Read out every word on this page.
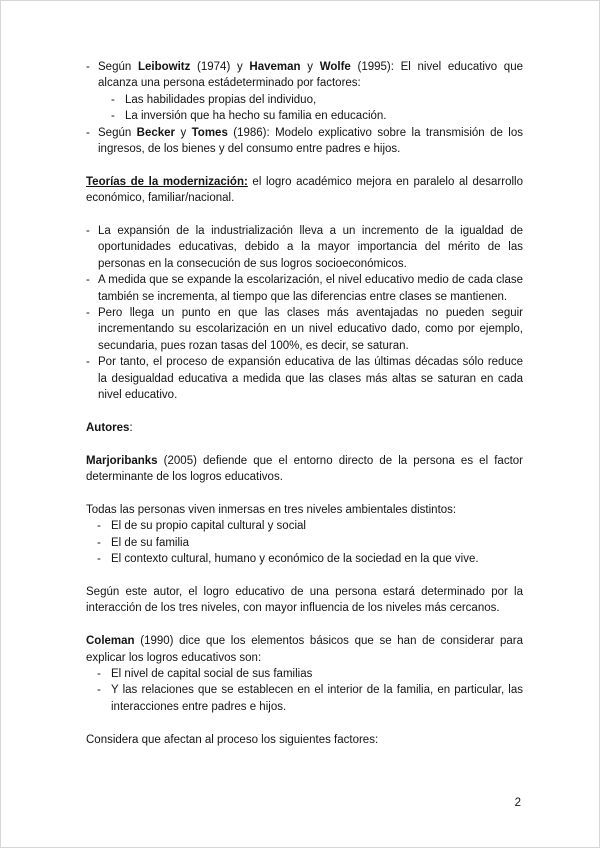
- Según Leibowitz (1974) y Haveman y Wolfe (1995): El nivel educativo que alcanza una persona estádeterminado por factores:
- Las habilidades propias del individuo,
- La inversión que ha hecho su familia en educación.
- Según Becker y Tomes (1986): Modelo explicativo sobre la transmisión de los ingresos, de los bienes y del consumo entre padres e hijos.

Teorías de la modernización: el logro académico mejora en paralelo al desarrollo económico, familiar/nacional.

- La expansión de la industrialización lleva a un incremento de la igualdad de oportunidades educativas, debido a la mayor importancia del mérito de las personas en la consecución de sus logros socioeconómicos.
- A medida que se expande la escolarización, el nivel educativo medio de cada clase también se incrementa, al tiempo que las diferencias entre clases se mantienen.
- Pero llega un punto en que las clases más aventajadas no pueden seguir incrementando su escolarización en un nivel educativo dado, como por ejemplo, secundaria, pues rozan tasas del 100%, es decir, se saturan.
- Por tanto, el proceso de expansión educativa de las últimas décadas sólo reduce la desigualdad educativa a medida que las clases más altas se saturan en cada nivel educativo.

Autores:

Marjoribanks (2005) defiende que el entorno directo de la persona es el factor determinante de los logros educativos.

Todas las personas viven inmersas en tres niveles ambientales distintos:

- El de su propio capital cultural y social
- El de su familia
- El contexto cultural, humano y económico de la sociedad en la que vive.

Según este autor, el logro educativo de una persona estará determinado por la interacción de los tres niveles, con mayor influencia de los niveles más cercanos.

Coleman (1990) dice que los elementos básicos que se han de considerar para explicar los logros educativos son:

- El nivel de capital social de sus familias
- Y las relaciones que se establecen en el interior de la familia, en particular, las interacciones entre padres e hijos.

Considera que afectan al proceso los siguientes factores:

2
